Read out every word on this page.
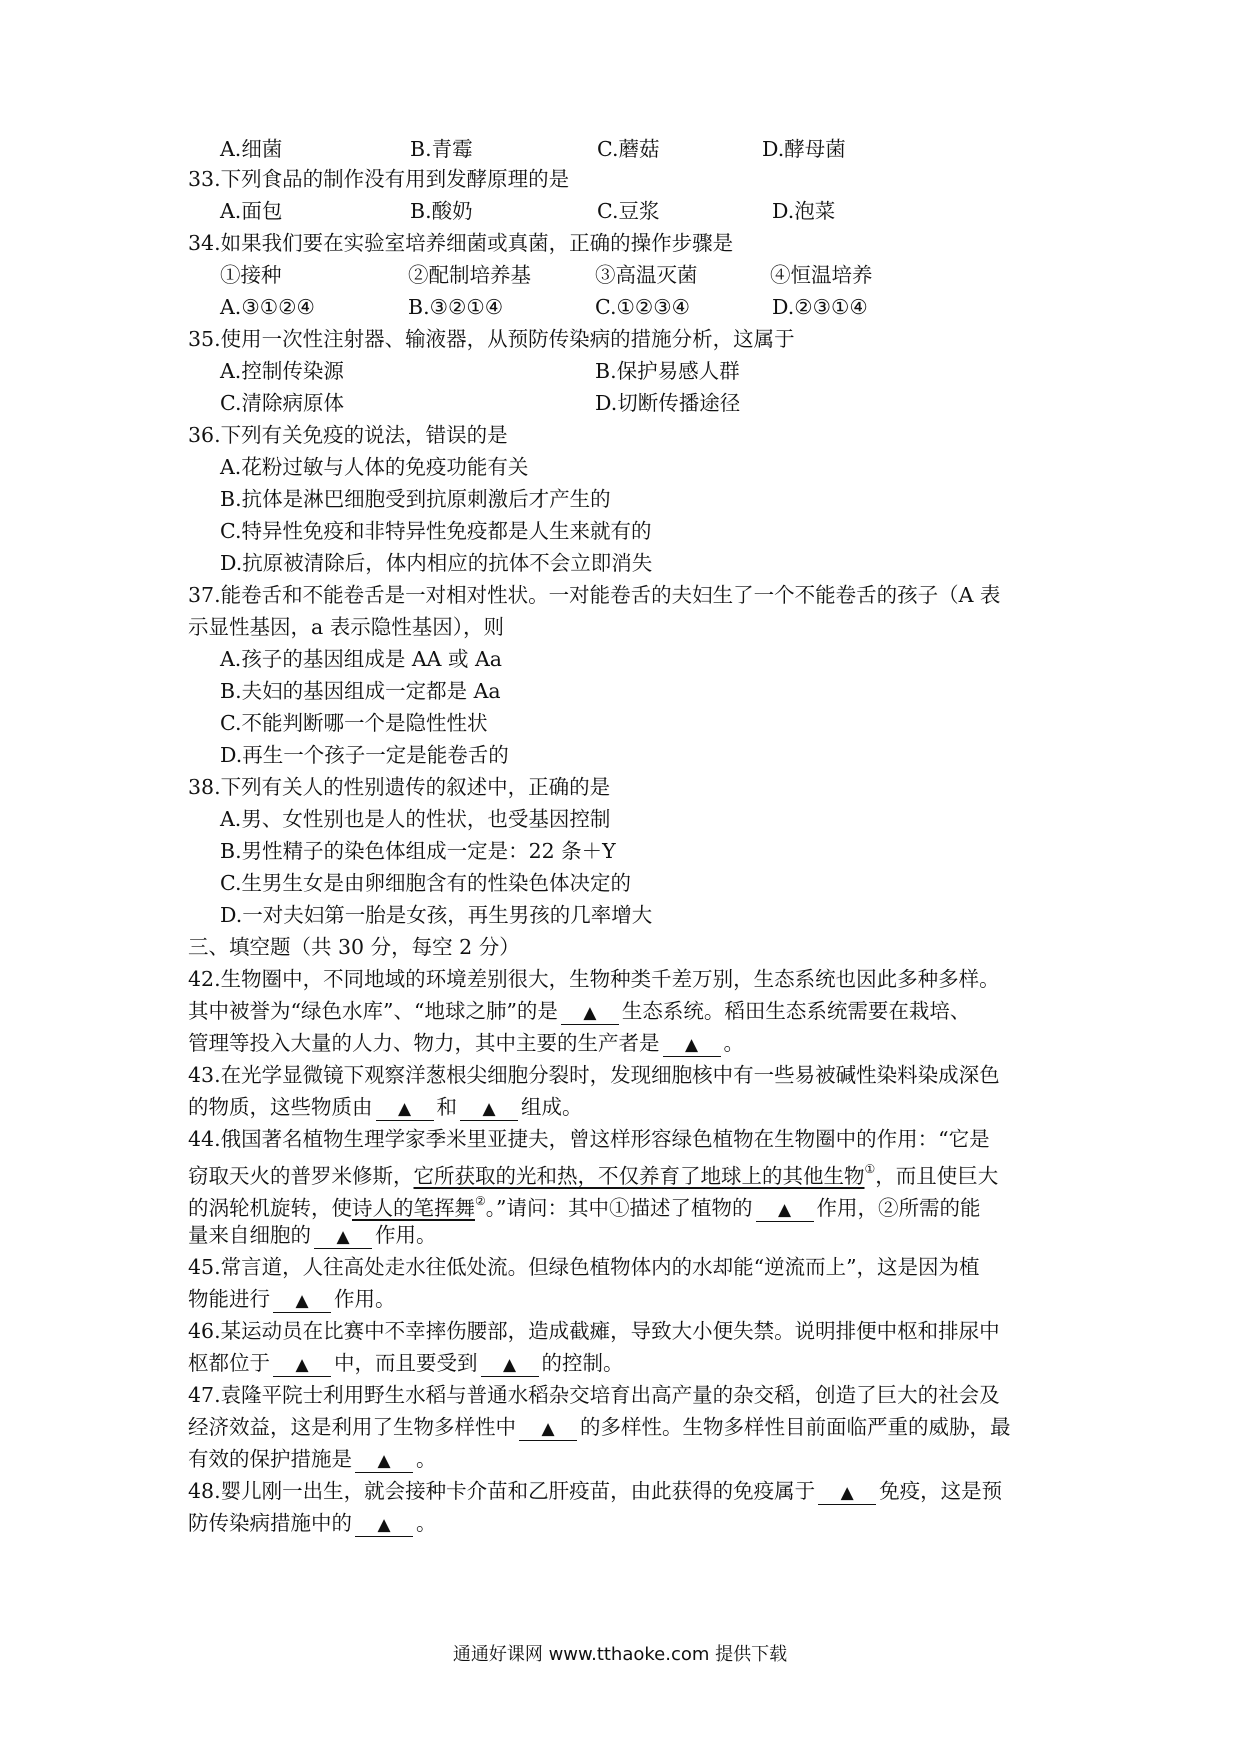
A.细菌	B.青霉	C.蘑菇	D.酵母菌
33.下列食品的制作没有用到发酵原理的是
A.面包	B.酸奶	C.豆浆	D.泡菜
34.如果我们要在实验室培养细菌或真菌，正确的操作步骤是
①接种	②配制培养基	③高温灭菌	④恒温培养
A.③①②④	B.③②①④	C.①②③④	D.②③①④
35.使用一次性注射器、输液器，从预防传染病的措施分析，这属于
A.控制传染源	B.保护易感人群
C.清除病原体	D.切断传播途径
36.下列有关免疫的说法，错误的是
A.花粉过敏与人体的免疫功能有关
B.抗体是淋巴细胞受到抗原刺激后才产生的
C.特异性免疫和非特异性免疫都是人生来就有的
D.抗原被清除后，体内相应的抗体不会立即消失
37.能卷舌和不能卷舌是一对相对性状。一对能卷舌的夫妇生了一个不能卷舌的孩子（A 表
示显性基因，a 表示隐性基因），则
A.孩子的基因组成是 AA 或 Aa
B.夫妇的基因组成一定都是 Aa
C.不能判断哪一个是隐性性状
D.再生一个孩子一定是能卷舌的
38.下列有关人的性别遗传的叙述中，正确的是
A.男、女性别也是人的性状，也受基因控制
B.男性精子的染色体组成一定是：22 条＋Y
C.生男生女是由卵细胞含有的性染色体决定的
D.一对夫妇第一胎是女孩，再生男孩的几率增大
三、填空题（共 30 分，每空 2 分）
42.生物圈中，不同地域的环境差别很大，生物种类千差万别，生态系统也因此多种多样。
其中被誉为“绿色水库”、“地球之肺”的是 ▲ 生态系统。稻田生态系统需要在栽培、
管理等投入大量的人力、物力，其中主要的生产者是 ▲ 。
43.在光学显微镜下观察洋葱根尖细胞分裂时，发现细胞核中有一些易被碱性染料染成深色
的物质，这些物质由 ▲ 和 ▲ 组成。
44.俄国著名植物生理学家季米里亚捷夫，曾这样形容绿色植物在生物圈中的作用：“它是
窃取天火的普罗米修斯，它所获取的光和热，不仅养育了地球上的其他生物①，而且使巨大
的涡轮机旋转，使诗人的笔挥舞②。”请问：其中①描述了植物的 ▲ 作用，②所需的能
量来自细胞的 ▲ 作用。
45.常言道，人往高处走水往低处流。但绿色植物体内的水却能“逆流而上”，这是因为植
物能进行 ▲ 作用。
46.某运动员在比赛中不幸摔伤腰部，造成截瘫，导致大小便失禁。说明排便中枢和排尿中
枢都位于 ▲ 中，而且要受到 ▲ 的控制。
47.袁隆平院士利用野生水稻与普通水稻杂交培育出高产量的杂交稻，创造了巨大的社会及
经济效益，这是利用了生物多样性中 ▲ 的多样性。生物多样性目前面临严重的威胁，最
有效的保护措施是 ▲ 。
48.婴儿刚一出生，就会接种卡介苗和乙肝疫苗，由此获得的免疫属于 ▲ 免疫，这是预
防传染病措施中的 ▲ 。
通通好课网 www.tthaoke.com 提供下载
